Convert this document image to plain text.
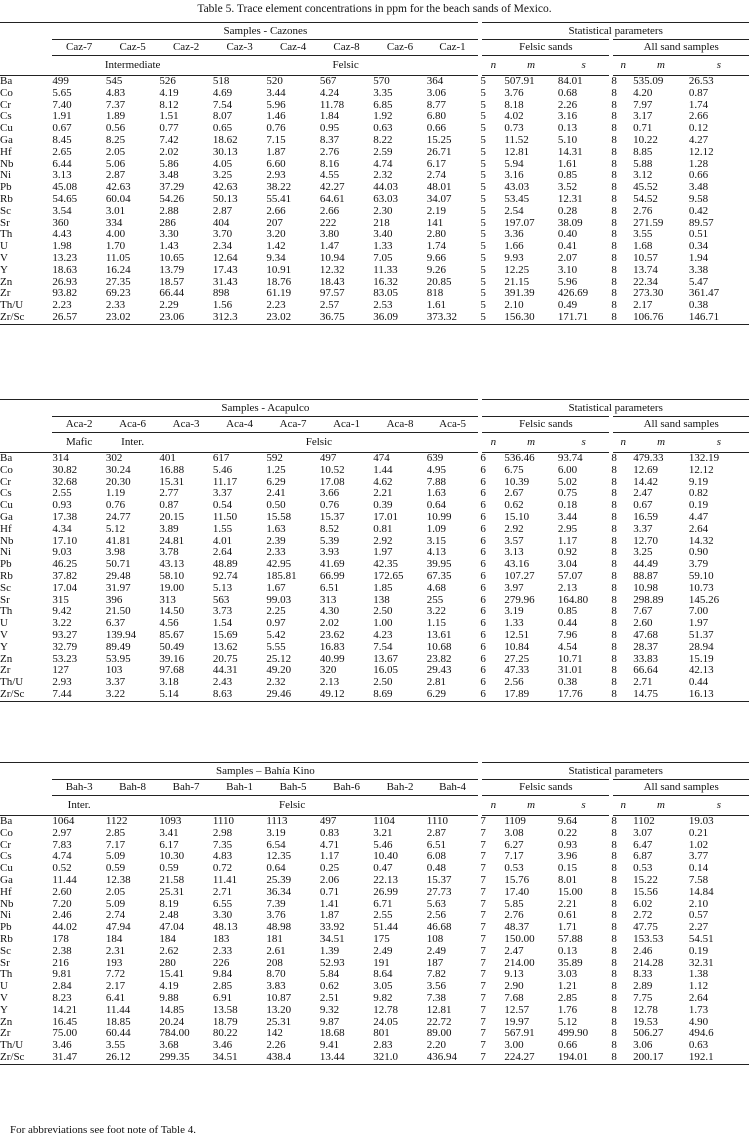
Table 5. Trace element concentrations in ppm for the beach sands of Mexico.
	Samples - Cazones								Statistical parameters					
	Caz-7	Caz-5	Caz-2	Caz-3	Caz-4	Caz-8	Caz-6	Caz-1	Felsic sands			All sand samples		
	Intermediate			Felsic					n	m	s	n	m	s
Ba	499	545	526	518	520	567	570	364	5	507.91	84.01	8	535.09	26.53
Co	5.65	4.83	4.19	4.69	3.44	4.24	3.35	3.06	5	3.76	0.68	8	4.20	0.87
Cr	7.40	7.37	8.12	7.54	5.96	11.78	6.85	8.77	5	8.18	2.26	8	7.97	1.74
Cs	1.91	1.89	1.51	8.07	1.46	1.84	1.92	6.80	5	4.02	3.16	8	3.17	2.66
Cu	0.67	0.56	0.77	0.65	0.76	0.95	0.63	0.66	5	0.73	0.13	8	0.71	0.12
Ga	8.45	8.25	7.42	18.62	7.15	8.37	8.22	15.25	5	11.52	5.10	8	10.22	4.27
Hf	2.65	2.05	2.02	30.13	1.87	2.76	2.59	26.71	5	12.81	14.31	8	8.85	12.12
Nb	6.44	5.06	5.86	4.05	6.60	8.16	4.74	6.17	5	5.94	1.61	8	5.88	1.28
Ni	3.13	2.87	3.48	3.25	2.93	4.55	2.32	2.74	5	3.16	0.85	8	3.12	0.66
Pb	45.08	42.63	37.29	42.63	38.22	42.27	44.03	48.01	5	43.03	3.52	8	45.52	3.48
Rb	54.65	60.04	54.26	50.13	55.41	64.61	63.03	34.07	5	53.45	12.31	8	54.52	9.58
Sc	3.54	3.01	2.88	2.87	2.66	2.66	2.30	2.19	5	2.54	0.28	8	2.76	0.42
Sr	360	334	286	404	207	222	218	141	5	197.07	38.09	8	271.59	89.57
Th	4.43	4.00	3.30	3.70	3.20	3.80	3.40	2.80	5	3.36	0.40	8	3.55	0.51
U	1.98	1.70	1.43	2.34	1.42	1.47	1.33	1.74	5	1.66	0.41	8	1.68	0.34
V	13.23	11.05	10.65	12.64	9.34	10.94	7.05	9.66	5	9.93	2.07	8	10.57	1.94
Y	18.63	16.24	13.79	17.43	10.91	12.32	11.33	9.26	5	12.25	3.10	8	13.74	3.38
Zn	26.93	27.35	18.57	31.43	18.76	18.43	16.32	20.85	5	21.15	5.96	8	22.34	5.47
Zr	93.82	69.23	66.44	898	61.19	97.57	83.05	818	5	391.39	426.69	8	273.30	361.47
Th/U	2.23	2.33	2.29	1.56	2.23	2.57	2.53	1.61	5	2.10	0.49	8	2.17	0.38
Zr/Sc	26.57	23.02	23.06	312.3	23.02	36.75	36.09	373.32	5	156.30	171.71	8	106.76	146.71
	Samples - Acapulco								Statistical parameters					
	Aca-2	Aca-6	Aca-3	Aca-4	Aca-7	Aca-1	Aca-8	Aca-5	Felsic sands			All sand samples		
	Mafic	Inter.	Felsic						n	m	s	n	m	s
Ba	314	302	401	617	592	497	474	639	6	536.46	93.74	8	479.33	132.19
Co	30.82	30.24	16.88	5.46	1.25	10.52	1.44	4.95	6	6.75	6.00	8	12.69	12.12
Cr	32.68	20.30	15.31	11.17	6.29	17.08	4.62	7.88	6	10.39	5.02	8	14.42	9.19
Cs	2.55	1.19	2.77	3.37	2.41	3.66	2.21	1.63	6	2.67	0.75	8	2.47	0.82
Cu	0.93	0.76	0.87	0.54	0.50	0.76	0.39	0.64	6	0.62	0.18	8	0.67	0.19
Ga	17.38	24.77	20.15	11.50	15.58	15.37	17.01	10.99	6	15.10	3.44	8	16.59	4.47
Hf	4.34	5.12	3.89	1.55	1.63	8.52	0.81	1.09	6	2.92	2.95	8	3.37	2.64
Nb	17.10	41.81	24.81	4.01	2.39	5.39	2.92	3.15	6	3.57	1.17	8	12.70	14.32
Ni	9.03	3.98	3.78	2.64	2.33	3.93	1.97	4.13	6	3.13	0.92	8	3.25	0.90
Pb	46.25	50.71	43.13	48.89	42.95	41.69	42.35	39.95	6	43.16	3.04	8	44.49	3.79
Rb	37.82	29.48	58.10	92.74	185.81	66.99	172.65	67.35	6	107.27	57.07	8	88.87	59.10
Sc	17.04	31.97	19.00	5.13	1.67	6.51	1.85	4.68	6	3.97	2.13	8	10.98	10.73
Sr	315	396	313	563	99.03	313	138	255	6	279.96	164.80	8	298.89	145.26
Th	9.42	21.50	14.50	3.73	2.25	4.30	2.50	3.22	6	3.19	0.85	8	7.67	7.00
U	3.22	6.37	4.56	1.54	0.97	2.02	1.00	1.15	6	1.33	0.44	8	2.60	1.97
V	93.27	139.94	85.67	15.69	5.42	23.62	4.23	13.61	6	12.51	7.96	8	47.68	51.37
Y	32.79	89.49	50.49	13.62	5.55	16.83	7.54	10.68	6	10.84	4.54	8	28.37	28.94
Zn	53.23	53.95	39.16	20.75	25.12	40.99	13.67	23.82	6	27.25	10.71	8	33.83	15.19
Zr	127	103	97.68	44.31	49.20	320	16.05	29.43	6	47.33	31.01	8	66.64	42.13
Th/U	2.93	3.37	3.18	2.43	2.32	2.13	2.50	2.81	6	2.56	0.38	8	2.71	0.44
Zr/Sc	7.44	3.22	5.14	8.63	29.46	49.12	8.69	6.29	6	17.89	17.76	8	14.75	16.13
	Samples – Bahía Kino								Statistical parameters					
	Bah-3	Bah-8	Bah-7	Bah-1	Bah-5	Bah-6	Bah-2	Bah-4	Felsic sands			All sand samples		
	Inter.	Felsic							n	m	s	n	m	s
Ba	1064	1122	1093	1110	1113	497	1104	1110	7	1109	9.64	8	1102	19.03
Co	2.97	2.85	3.41	2.98	3.19	0.83	3.21	2.87	7	3.08	0.22	8	3.07	0.21
Cr	7.83	7.17	6.17	7.35	6.54	4.71	5.46	6.51	7	6.27	0.93	8	6.47	1.02
Cs	4.74	5.09	10.30	4.83	12.35	1.17	10.40	6.08	7	7.17	3.96	8	6.87	3.77
Cu	0.52	0.59	0.59	0.72	0.64	0.25	0.47	0.48	7	0.53	0.15	8	0.53	0.14
Ga	11.44	12.38	21.58	11.41	25.39	2.06	22.13	15.37	7	15.76	8.01	8	15.22	7.58
Hf	2.60	2.05	25.31	2.71	36.34	0.71	26.99	27.73	7	17.40	15.00	8	15.56	14.84
Nb	7.20	5.09	8.19	6.55	7.39	1.41	6.71	5.63	7	5.85	2.21	8	6.02	2.10
Ni	2.46	2.74	2.48	3.30	3.76	1.87	2.55	2.56	7	2.76	0.61	8	2.72	0.57
Pb	44.02	47.94	47.04	48.13	48.98	33.92	51.44	46.68	7	48.37	1.71	8	47.75	2.27
Rb	178	184	184	183	181	34.51	175	108	7	150.00	57.88	8	153.53	54.51
Sc	2.38	2.31	2.62	2.33	2.61	1.39	2.49	2.49	7	2.47	0.13	8	2.46	0.19
Sr	216	193	280	226	208	52.93	191	187	7	214.00	35.89	8	214.28	32.31
Th	9.81	7.72	15.41	9.84	8.70	5.84	8.64	7.82	7	9.13	3.03	8	8.33	1.38
U	2.84	2.17	4.19	2.85	3.83	0.62	3.05	3.56	7	2.90	1.21	8	2.89	1.12
V	8.23	6.41	9.88	6.91	10.87	2.51	9.82	7.38	7	7.68	2.85	8	7.75	2.64
Y	14.21	11.44	14.85	13.58	13.20	9.32	12.78	12.81	7	12.57	1.76	8	12.78	1.73
Zn	16.45	18.85	20.24	18.79	25.31	9.87	24.05	22.72	7	19.97	5.12	8	19.53	4.90
Zr	75.00	60.44	784.00	80.22	142	18.68	801	89.00	7	567.91	499.90	8	506.27	494.6
Th/U	3.46	3.55	3.68	3.46	2.26	9.41	2.83	2.20	7	3.00	0.66	8	3.06	0.63
Zr/Sc	31.47	26.12	299.35	34.51	438.4	13.44	321.0	436.94	7	224.27	194.01	8	200.17	192.1
For abbreviations see foot note of Table 4.
